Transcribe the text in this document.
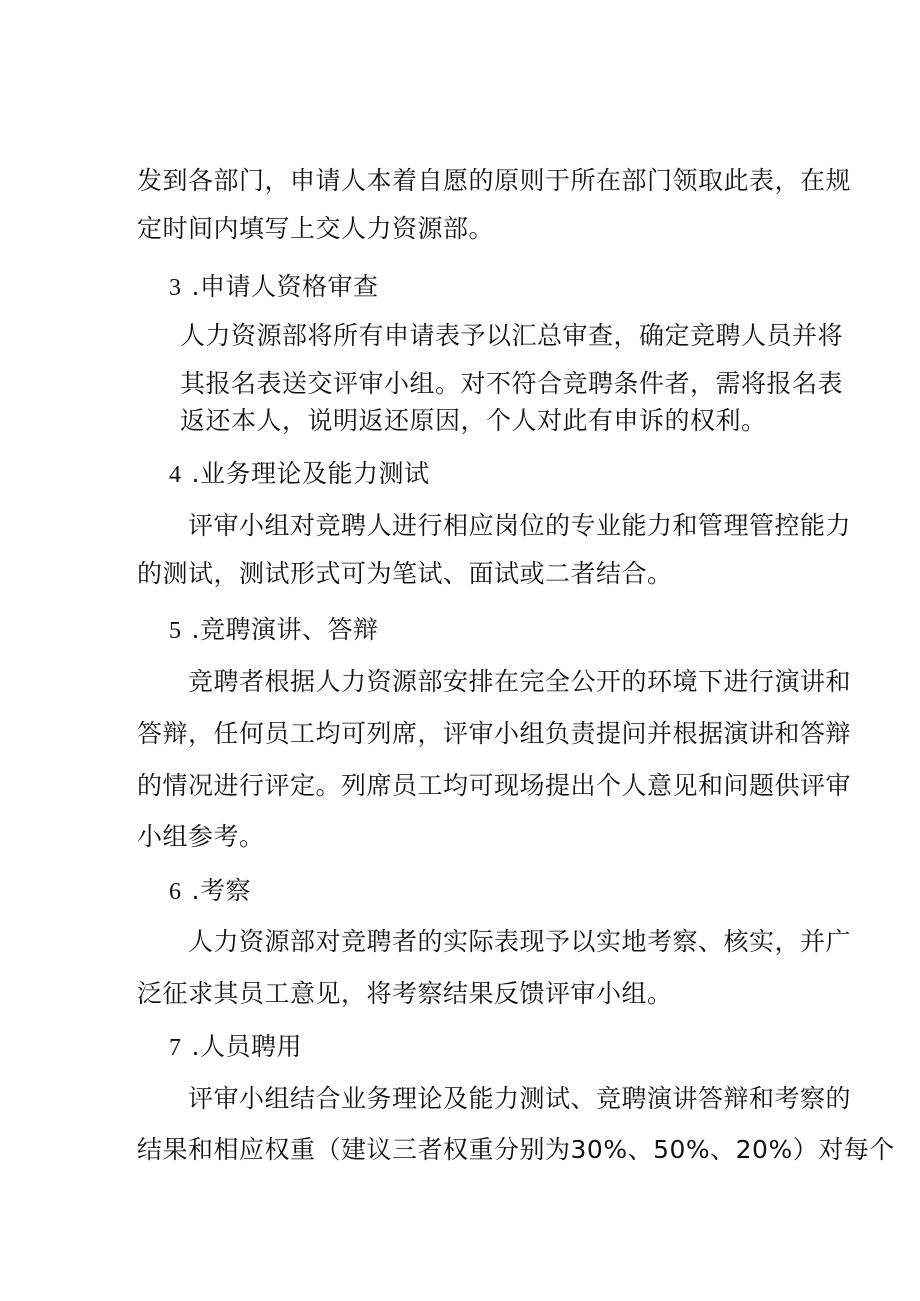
发到各部门，申请人本着自愿的原则于所在部门领取此表，在规
定时间内填写上交人力资源部。
3 .申请人资格审查
人力资源部将所有申请表予以汇总审查，确定竞聘人员并将
其报名表送交评审小组。对不符合竞聘条件者，需将报名表
返还本人，说明返还原因，个人对此有申诉的权利。
4 .业务理论及能力测试
评审小组对竞聘人进行相应岗位的专业能力和管理管控能力
的测试，测试形式可为笔试、面试或二者结合。
5 .竞聘演讲、答辩
竞聘者根据人力资源部安排在完全公开的环境下进行演讲和
答辩，任何员工均可列席，评审小组负责提问并根据演讲和答辩
的情况进行评定。列席员工均可现场提出个人意见和问题供评审
小组参考。
6 .考察
人力资源部对竞聘者的实际表现予以实地考察、核实，并广
泛征求其员工意见，将考察结果反馈评审小组。
7 .人员聘用
评审小组结合业务理论及能力测试、竞聘演讲答辩和考察的
结果和相应权重（建议三者权重分别为30%、50%、20%）对每个
